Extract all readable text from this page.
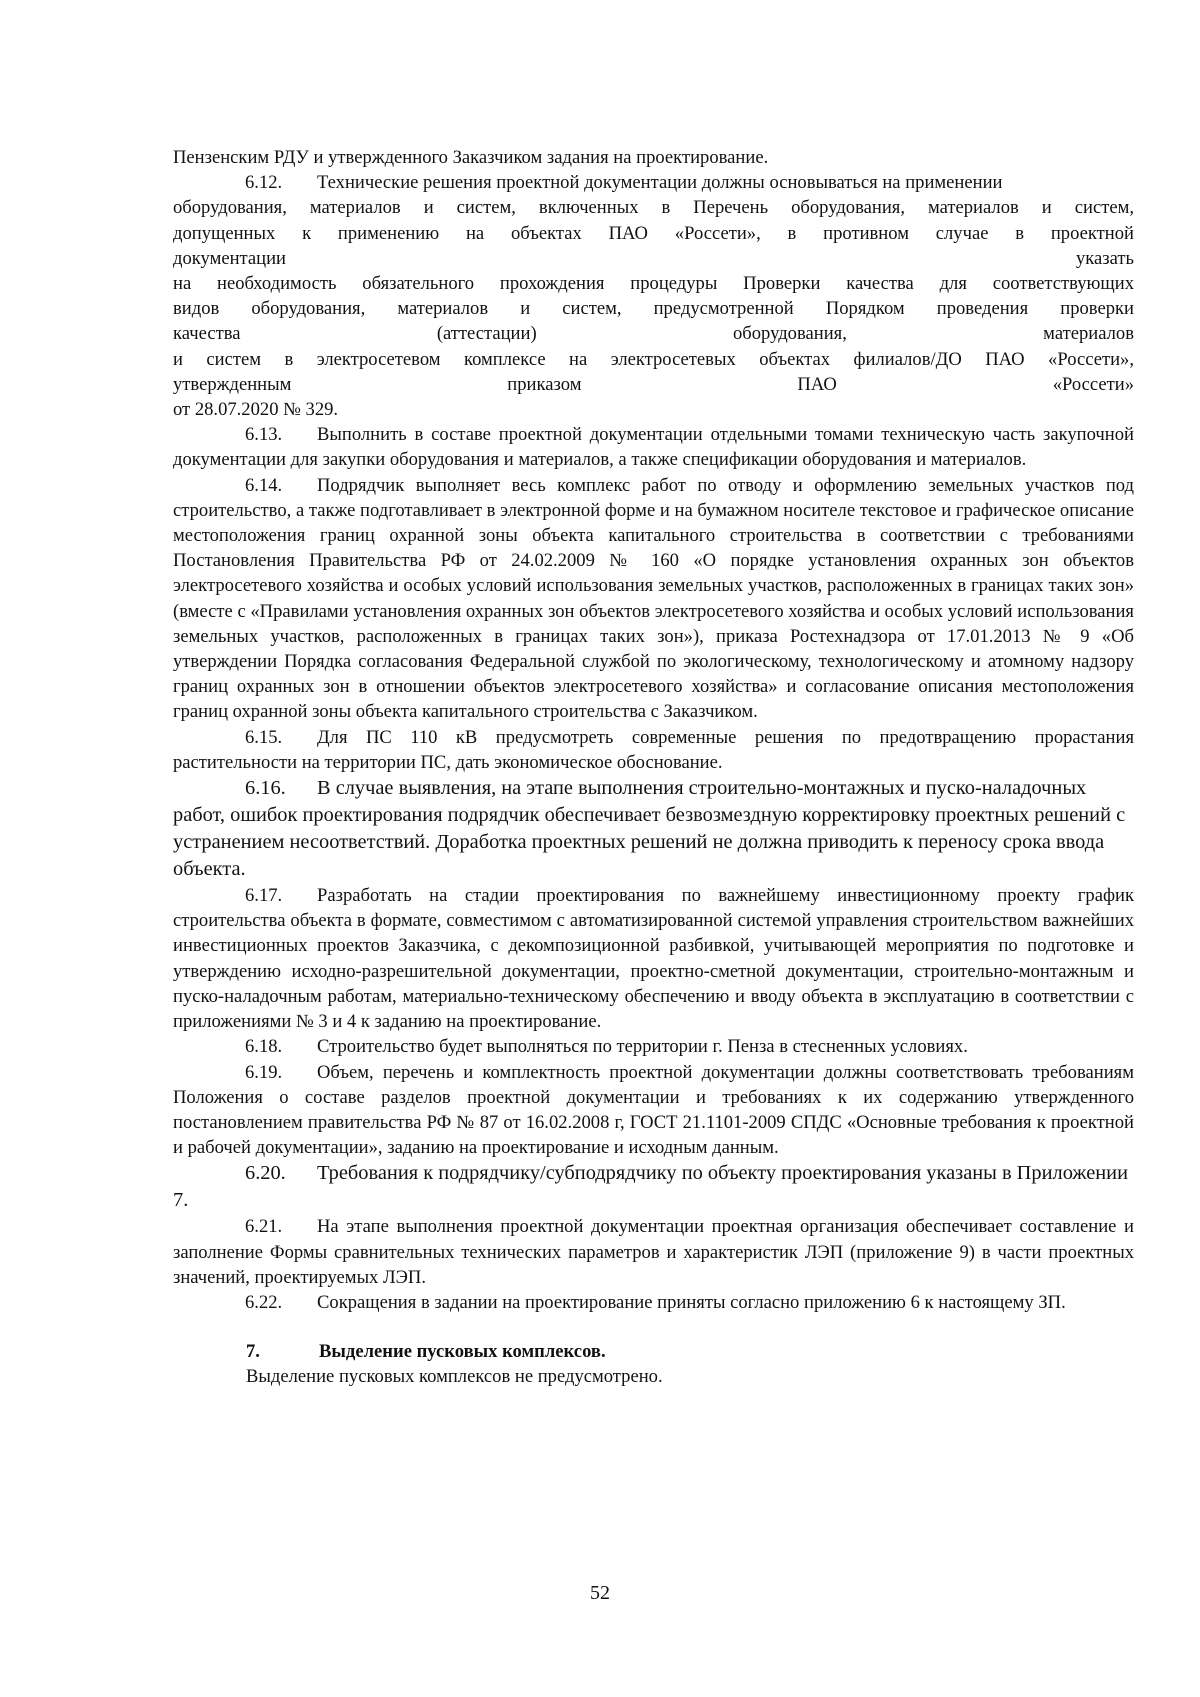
Пензенским РДУ и утвержденного Заказчиком задания на проектирование.

6.12. Технические решения проектной документации должны основываться на применении

оборудования, материалов и систем, включенных в Перечень оборудования, материалов и систем,

допущенных к применению на объектах ПАО «Россети», в противном случае в проектной

документации указать

на необходимость обязательного прохождения процедуры Проверки качества для соответствующих

видов оборудования, материалов и систем, предусмотренной Порядком проведения проверки

качества (аттестации) оборудования, материалов

и систем в электросетевом комплексе на электросетевых объектах филиалов/ДО ПАО «Россети»,

утвержденным приказом ПАО «Россети»

от 28.07.2020 № 329.

6.13. Выполнить в составе проектной документации отдельными томами техническую часть закупочной документации для закупки оборудования и материалов, а также спецификации оборудования и материалов.

6.14. Подрядчик выполняет весь комплекс работ по отводу и оформлению земельных участков под строительство, а также подготавливает в электронной форме и на бумажном носителе текстовое и графическое описание местоположения границ охранной зоны объекта капитального строительства в соответствии с требованиями Постановления Правительства РФ от 24.02.2009 № 160 «О порядке установления охранных зон объектов электросетевого хозяйства и особых условий использования земельных участков, расположенных в границах таких зон» (вместе с «Правилами установления охранных зон объектов электросетевого хозяйства и особых условий использования земельных участков, расположенных в границах таких зон»), приказа Ростехнадзора от 17.01.2013 № 9 «Об утверждении Порядка согласования Федеральной службой по экологическому, технологическому и атомному надзору границ охранных зон в отношении объектов электросетевого хозяйства» и согласование описания местоположения границ охранной зоны объекта капитального строительства с Заказчиком.

6.15. Для ПС 110 кВ предусмотреть современные решения по предотвращению прорастания растительности на территории ПС, дать экономическое обоснование.

6.16. В случае выявления, на этапе выполнения строительно-монтажных и пуско-наладочных работ, ошибок проектирования подрядчик обеспечивает безвозмездную корректировку проектных решений с устранением несоответствий. Доработка проектных решений не должна приводить к переносу срока ввода объекта.

6.17. Разработать на стадии проектирования по важнейшему инвестиционному проекту график строительства объекта в формате, совместимом с автоматизированной системой управления строительством важнейших инвестиционных проектов Заказчика, с декомпозиционной разбивкой, учитывающей мероприятия по подготовке и утверждению исходно-разрешительной документации, проектно-сметной документации, строительно-монтажным и пуско-наладочным работам, материально-техническому обеспечению и вводу объекта в эксплуатацию в соответствии с приложениями № 3 и 4 к заданию на проектирование.

6.18. Строительство будет выполняться по территории г. Пенза в стесненных условиях.

6.19. Объем, перечень и комплектность проектной документации должны соответствовать требованиям Положения о составе разделов проектной документации и требованиях к их содержанию утвержденного постановлением правительства РФ № 87 от 16.02.2008 г, ГОСТ 21.1101-2009 СПДС «Основные требования к проектной и рабочей документации», заданию на проектирование и исходным данным.

6.20. Требования к подрядчику/субподрядчику по объекту проектирования указаны в Приложении 7.

6.21. На этапе выполнения проектной документации проектная организация обеспечивает составление и заполнение Формы сравнительных технических параметров и характеристик ЛЭП (приложение 9) в части проектных значений, проектируемых ЛЭП.

6.22. Сокращения в задании на проектирование приняты согласно приложению 6 к настоящему ЗП.

7.	Выделение пусковых комплексов.

Выделение пусковых комплексов не предусмотрено.

52
